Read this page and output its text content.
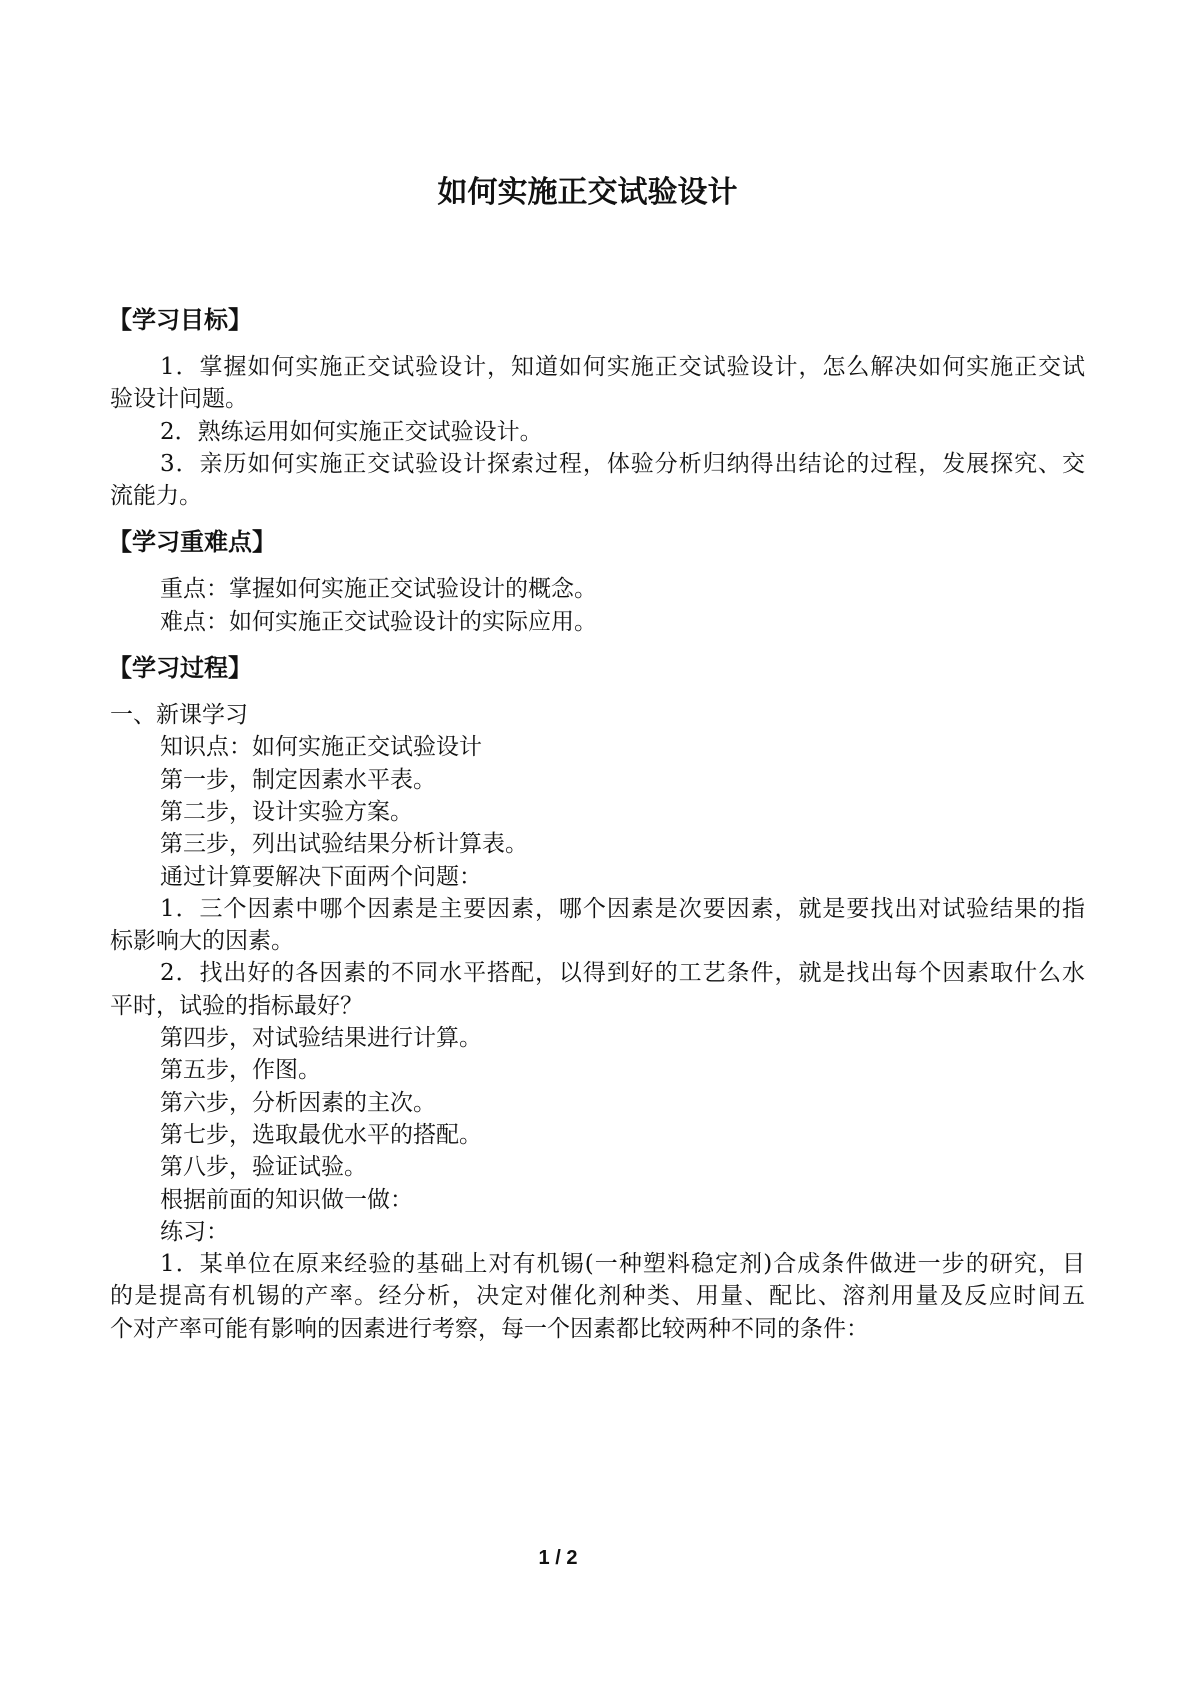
如何实施正交试验设计
【学习目标】
1．掌握如何实施正交试验设计，知道如何实施正交试验设计，怎么解决如何实施正交试
验设计问题。
2．熟练运用如何实施正交试验设计。
3．亲历如何实施正交试验设计探索过程，体验分析归纳得出结论的过程，发展探究、交
流能力。
【学习重难点】
重点：掌握如何实施正交试验设计的概念。
难点：如何实施正交试验设计的实际应用。
【学习过程】
一、新课学习
知识点：如何实施正交试验设计
第一步，制定因素水平表。
第二步，设计实验方案。
第三步，列出试验结果分析计算表。
通过计算要解决下面两个问题：
1．三个因素中哪个因素是主要因素，哪个因素是次要因素，就是要找出对试验结果的指
标影响大的因素。
2．找出好的各因素的不同水平搭配，以得到好的工艺条件，就是找出每个因素取什么水
平时，试验的指标最好？
第四步，对试验结果进行计算。
第五步，作图。
第六步，分析因素的主次。
第七步，选取最优水平的搭配。
第八步，验证试验。
根据前面的知识做一做：
练习：
1．某单位在原来经验的基础上对有机锡(一种塑料稳定剂)合成条件做进一步的研究，目
的是提高有机锡的产率。经分析，决定对催化剂种类、用量、配比、溶剂用量及反应时间五
个对产率可能有影响的因素进行考察，每一个因素都比较两种不同的条件：
1 / 2
